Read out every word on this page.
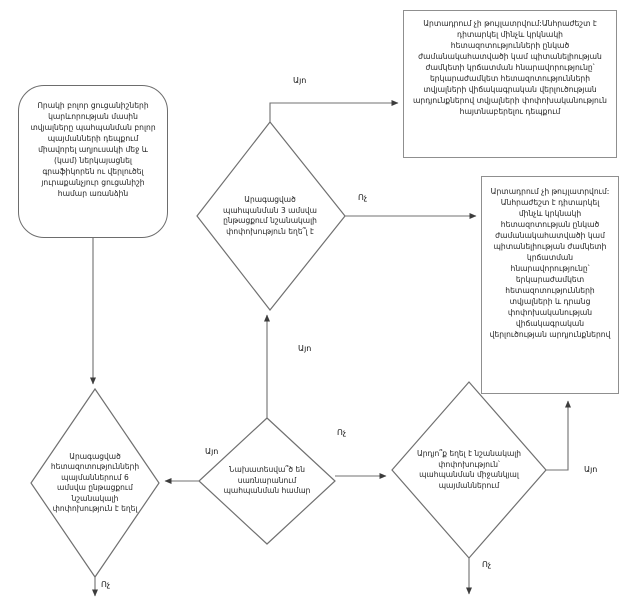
Որակի բոլոր ցուցանիշների կարևորության մասին տվյալները պահպանման բոլոր պայմանների դեպքում միավորել աղյուսակի մեջ և (կամ) ներկայացնել գրաֆիկորեն ու վերլուծել յուրաքանչյուր ցուցանիշի համար առանձին
Արտադրում չի թույլատրվում:Անհրաժեշտ է դիտարկել մինչև կրկնակի հետազոտությունների ընկած ժամանակահատվածի կամ պիտանելիության ժամկետի կրճատման հնարավորությունը՝ երկարաժամկետ հետազոտությունների տվյալների վիճակագրական վերլուծության արդյունքներով տվյալների փոփոխականություն հայտնաբերելու դեպքում
Արտադրում չի թույլատրվում: Անհրաժեշտ է դիտարկել մինչև կրկնակի հետազոտության ընկած ժամանակահատվածի կամ պիտանելիության ժամկետի կրճատման հնարավորությունը՝ երկարաժամկետ հետազոտությունների տվյալների և դրանց փոփոխականության վիճակագրական վերլուծության արդյունքներով
Արագացված պահպանման 3 ամսվա ընթացքում նշանակալի փոփոխություն եղե՞լ է
Արագացված հետազոտությունների պայմաններում 6 ամսվա ընթացքում նշանակալի փոփոխություն է եղել
Նախատեսվա՞ծ են սառնարանում պահպանման համար
Արդյո՞ք եղել է նշանակալի փոփոխություն՝ պահպանման միջանկյալ պայմաններում
Այո
Ոչ
Այո
Այո
Ոչ
Այո
Ոչ
Ոչ
